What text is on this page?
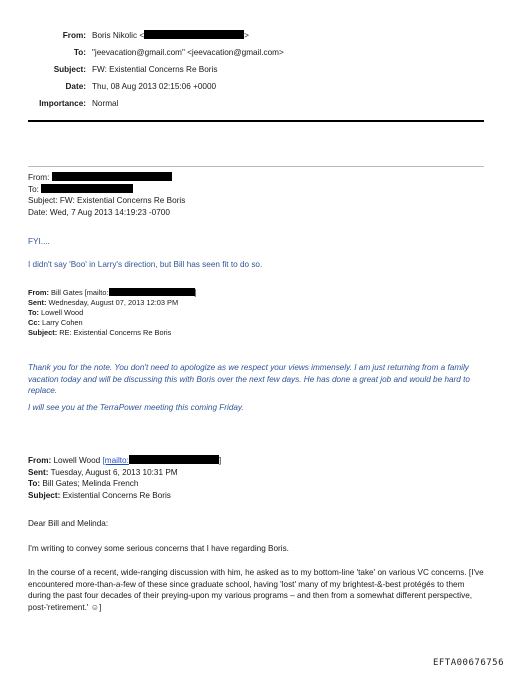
From: Boris Nikolic <	>
To: "jeevacation@gmail.com" <jeevacation@gmail.com>
Subject: FW: Existential Concerns Re Boris
Date: Thu, 08 Aug 2013 02:15:06 +0000
Importance: Normal
From:
To:
Subject: FW: Existential Concerns Re Boris
Date: Wed, 7 Aug 2013 14:19:23 -0700
FYI....
I didn't say 'Boo' in Larry's direction, but Bill has seen fit to do so.
From: Bill Gates [mailto:	]
Sent: Wednesday, August 07, 2013 12:03 PM
To: Lowell Wood
Cc: Larry Cohen
Subject: RE: Existential Concerns Re Boris

Thank you for the note. You don't need to apologize as we respect your views immensely. I am just returning from a family vacation today and will be discussing this with Boris over the next few days. He has done a great job and would be hard to replace.

I will see you at the TerraPower meeting this coming Friday.

From: Lowell Wood [mailto:	]
Sent: Tuesday, August 6, 2013 10:31 PM
To: Bill Gates; Melinda French
Subject: Existential Concerns Re Boris
Dear Bill and Melinda:
I'm writing to convey some serious concerns that I have regarding Boris.

In the course of a recent, wide-ranging discussion with him, he asked as to my bottom-line 'take' on various VC concerns. [I've encountered more-than-a-few of these since graduate school, having 'lost' many of my brightest-&-best protégés to them during the past four decades of their preying-upon my various programs – and then from a somewhat different perspective, post-'retirement.' ☺]

EFTA00676756
